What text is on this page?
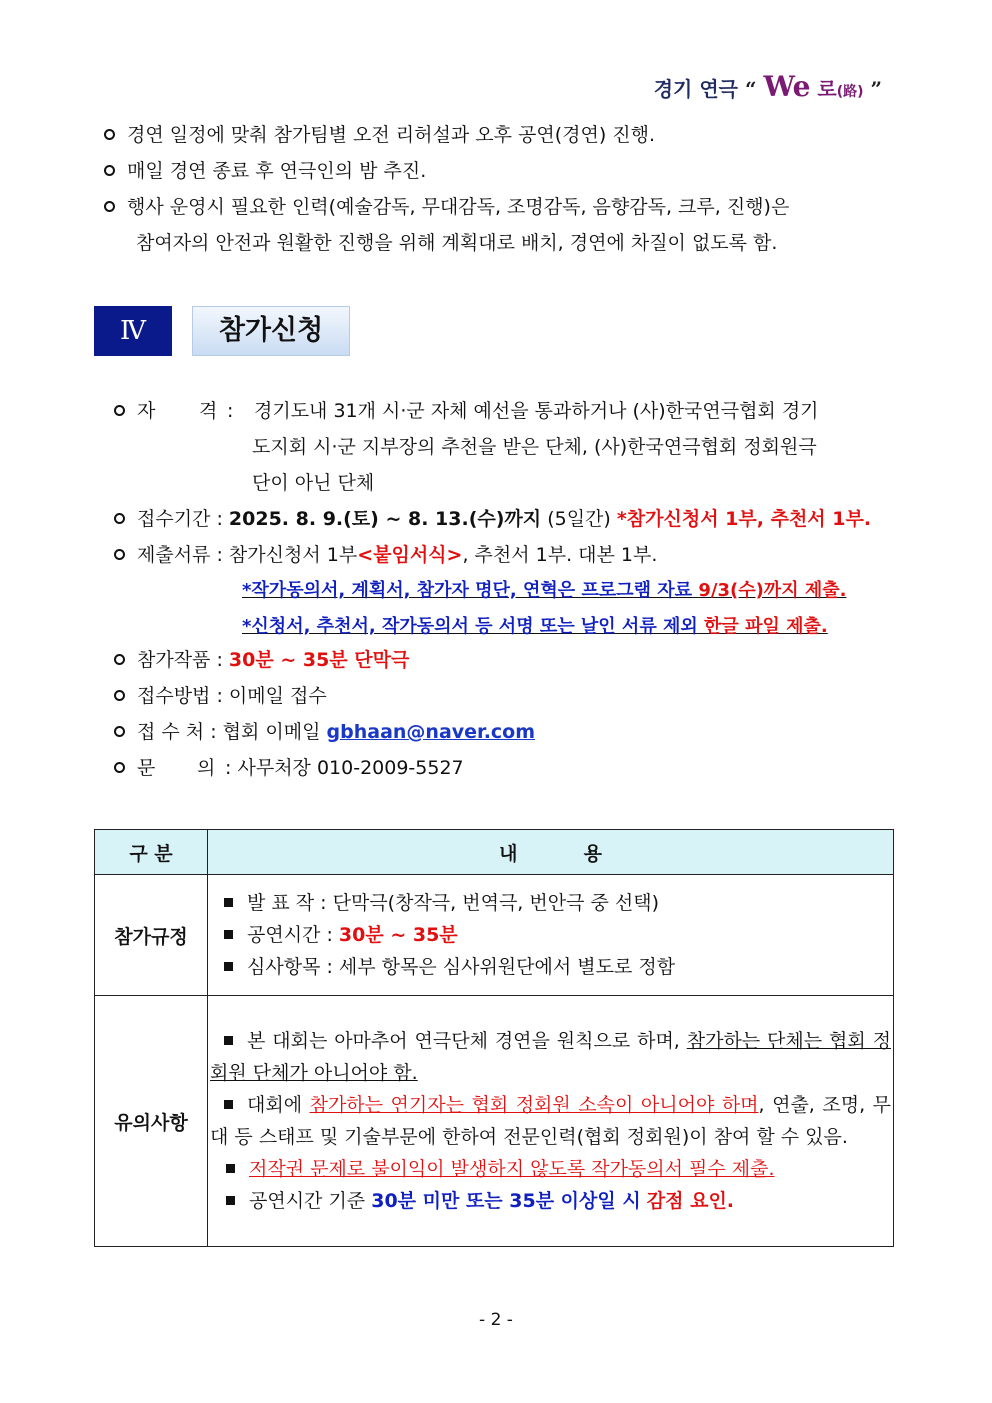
경기 연극 “ We 로(路) ”
경연 일정에 맞춰 참가팀별 오전 리허설과 오후 공연(경연) 진행.
매일 경연 종료 후 연극인의 밤 추진.
행사 운영시 필요한 인력(예술감독, 무대감독, 조명감독, 음향감독, 크루, 진행)은
참여자의 안전과 원활한 진행을 위해 계획대로 배치, 경연에 차질이 없도록 함.
Ⅳ	참가신청
자 격 : 경기도내 31개 시·군 자체 예선을 통과하거나 (사)한국연극협회 경기
도지회 시·군 지부장의 추천을 받은 단체, (사)한국연극협회 정회원극
단이 아닌 단체
접수기간 : 2025. 8. 9.(토) ~ 8. 13.(수)까지 (5일간) *참가신청서 1부, 추천서 1부.
제출서류 : 참가신청서 1부<붙임서식>, 추천서 1부. 대본 1부.
*작가동의서, 계획서, 참가자 명단, 연혁은 프로그램 자료 9/3(수)까지 제출.
*신청서, 추천서, 작가동의서 등 서명 또는 날인 서류 제외 한글 파일 제출.
참가작품 : 30분 ~ 35분 단막극
접수방법 : 이메일 접수
접 수 처 : 협회 이메일 gbhaan@naver.com
문 의 : 사무처장 010-2009-5527
구 분	내          용
참가규정	발 표 작 : 단막극(창작극, 번역극, 번안극 중 선택)
공연시간 : 30분 ~ 35분
심사항목 : 세부 항목은 심사위원단에서 별도로 정함

유의사항	본 대회는 아마추어 연극단체 경연을 원칙으로 하며, 참가하는 단체는 협회 정회원 단체가 아니어야 함.
대회에 참가하는 연기자는 협회 정회원 소속이 아니어야 하며, 연출, 조명, 무대 등 스태프 및 기술부문에 한하여 전문인력(협회 정회원)이 참여 할 수 있음.
저작권 문제로 불이익이 발생하지 않도록 작가동의서 필수 제출.
공연시간 기준 30분 미만 또는 35분 이상일 시 감점 요인.
- 2 -
